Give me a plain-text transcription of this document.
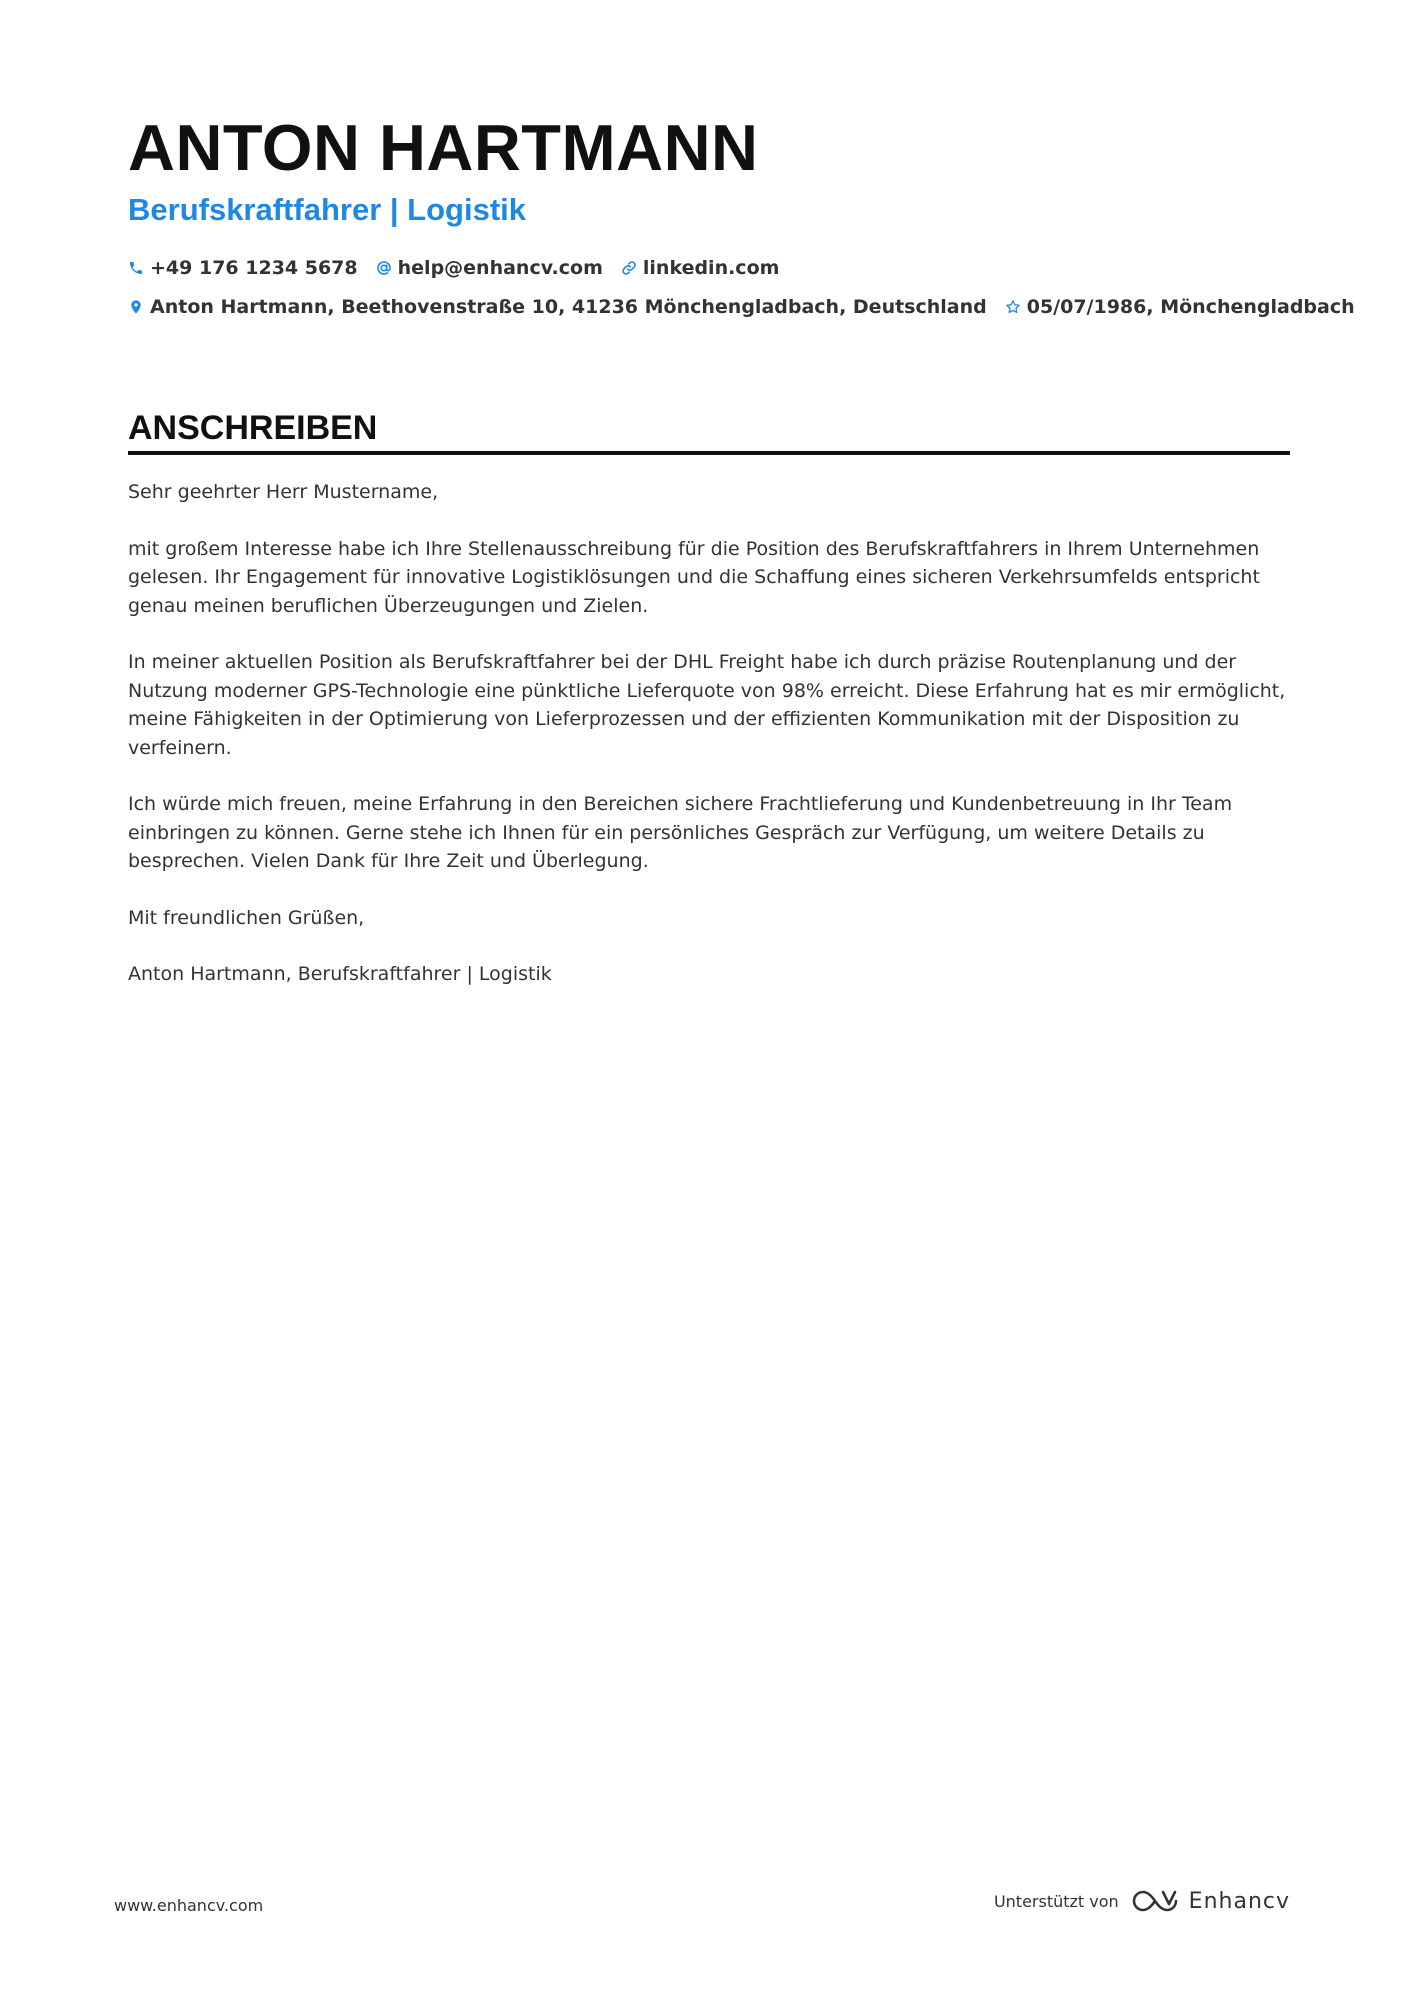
ANTON HARTMANN
Berufskraftfahrer | Logistik
+49 176 1234 5678 help@enhancv.com linkedin.com
Anton Hartmann, Beethovenstraße 10, 41236 Mönchengladbach, Deutschland 05/07/1986, Mönchengladbach
ANSCHREIBEN

Sehr geehrter Herr Mustername,

mit großem Interesse habe ich Ihre Stellenausschreibung für die Position des Berufskraftfahrers in Ihrem Unternehmen gelesen. Ihr Engagement für innovative Logistiklösungen und die Schaffung eines sicheren Verkehrsumfelds entspricht genau meinen beruflichen Überzeugungen und Zielen.

In meiner aktuellen Position als Berufskraftfahrer bei der DHL Freight habe ich durch präzise Routenplanung und der Nutzung moderner GPS-Technologie eine pünktliche Lieferquote von 98% erreicht. Diese Erfahrung hat es mir ermöglicht, meine Fähigkeiten in der Optimierung von Lieferprozessen und der effizienten Kommunikation mit der Disposition zu verfeinern.

Ich würde mich freuen, meine Erfahrung in den Bereichen sichere Frachtlieferung und Kundenbetreuung in Ihr Team einbringen zu können. Gerne stehe ich Ihnen für ein persönliches Gespräch zur Verfügung, um weitere Details zu besprechen. Vielen Dank für Ihre Zeit und Überlegung.

Mit freundlichen Grüßen,

Anton Hartmann, Berufskraftfahrer | Logistik

www.enhancv.com	Unterstützt von	Enhancv
